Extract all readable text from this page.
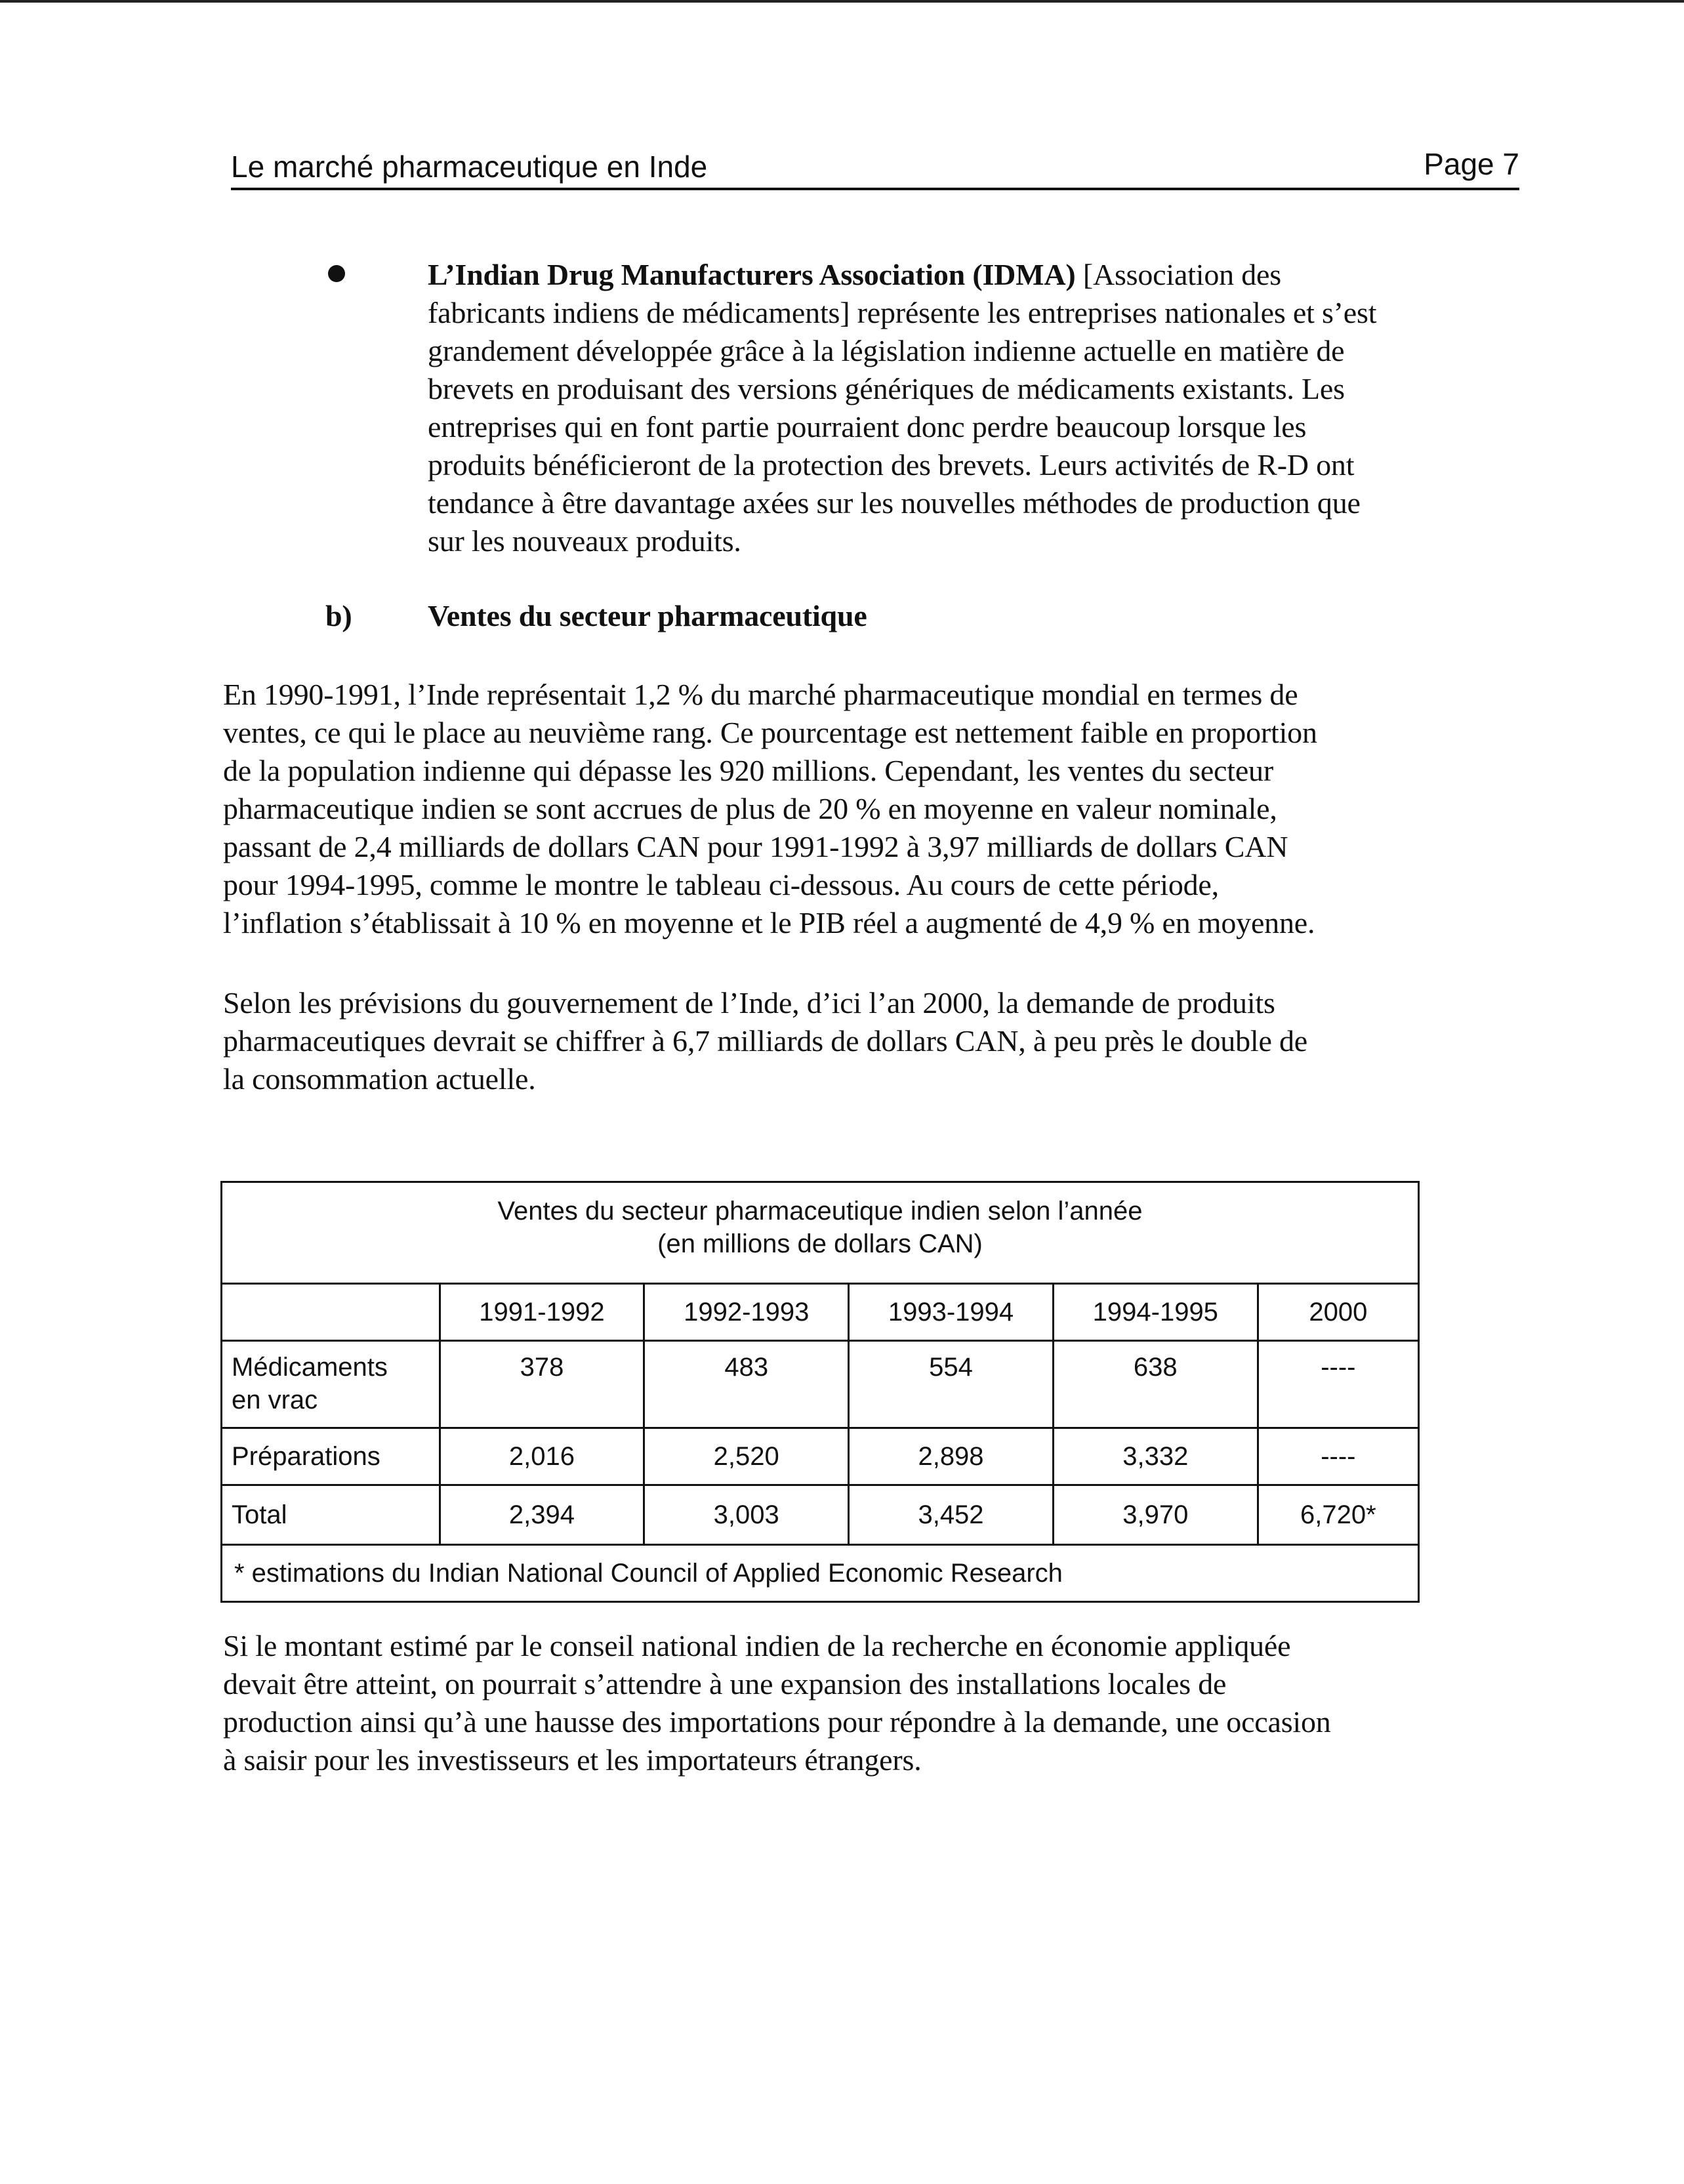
Le marché pharmaceutique en Inde	Page 7
L’Indian Drug Manufacturers Association (IDMA) [Association des
fabricants indiens de médicaments] représente les entreprises nationales et s’est
grandement développée grâce à la législation indienne actuelle en matière de
brevets en produisant des versions génériques de médicaments existants. Les
entreprises qui en font partie pourraient donc perdre beaucoup lorsque les
produits bénéficieront de la protection des brevets. Leurs activités de R-D ont
tendance à être davantage axées sur les nouvelles méthodes de production que
sur les nouveaux produits.
b)	Ventes du secteur pharmaceutique
En 1990-1991, l’Inde représentait 1,2 % du marché pharmaceutique mondial en termes de
ventes, ce qui le place au neuvième rang. Ce pourcentage est nettement faible en proportion
de la population indienne qui dépasse les 920 millions. Cependant, les ventes du secteur
pharmaceutique indien se sont accrues de plus de 20 % en moyenne en valeur nominale,
passant de 2,4 milliards de dollars CAN pour 1991-1992 à 3,97 milliards de dollars CAN
pour 1994-1995, comme le montre le tableau ci-dessous. Au cours de cette période,
l’inflation s’établissait à 10 % en moyenne et le PIB réel a augmenté de 4,9 % en moyenne.
Selon les prévisions du gouvernement de l’Inde, d’ici l’an 2000, la demande de produits
pharmaceutiques devrait se chiffrer à 6,7 milliards de dollars CAN, à peu près le double de
la consommation actuelle.
Ventes du secteur pharmaceutique indien selon l’année
(en millions de dollars CAN)					

	1991-1992	1992-1993	1993-1994	1994-1995	2000

Médicaments
en vrac	378	483	554	638	----
Préparations	2,016	2,520	2,898	3,332	----
Total	2,394	3,003	3,452	3,970	6,720*
* estimations du Indian National Council of Applied Economic Research					
Si le montant estimé par le conseil national indien de la recherche en économie appliquée
devait être atteint, on pourrait s’attendre à une expansion des installations locales de
production ainsi qu’à une hausse des importations pour répondre à la demande, une occasion
à saisir pour les investisseurs et les importateurs étrangers.
